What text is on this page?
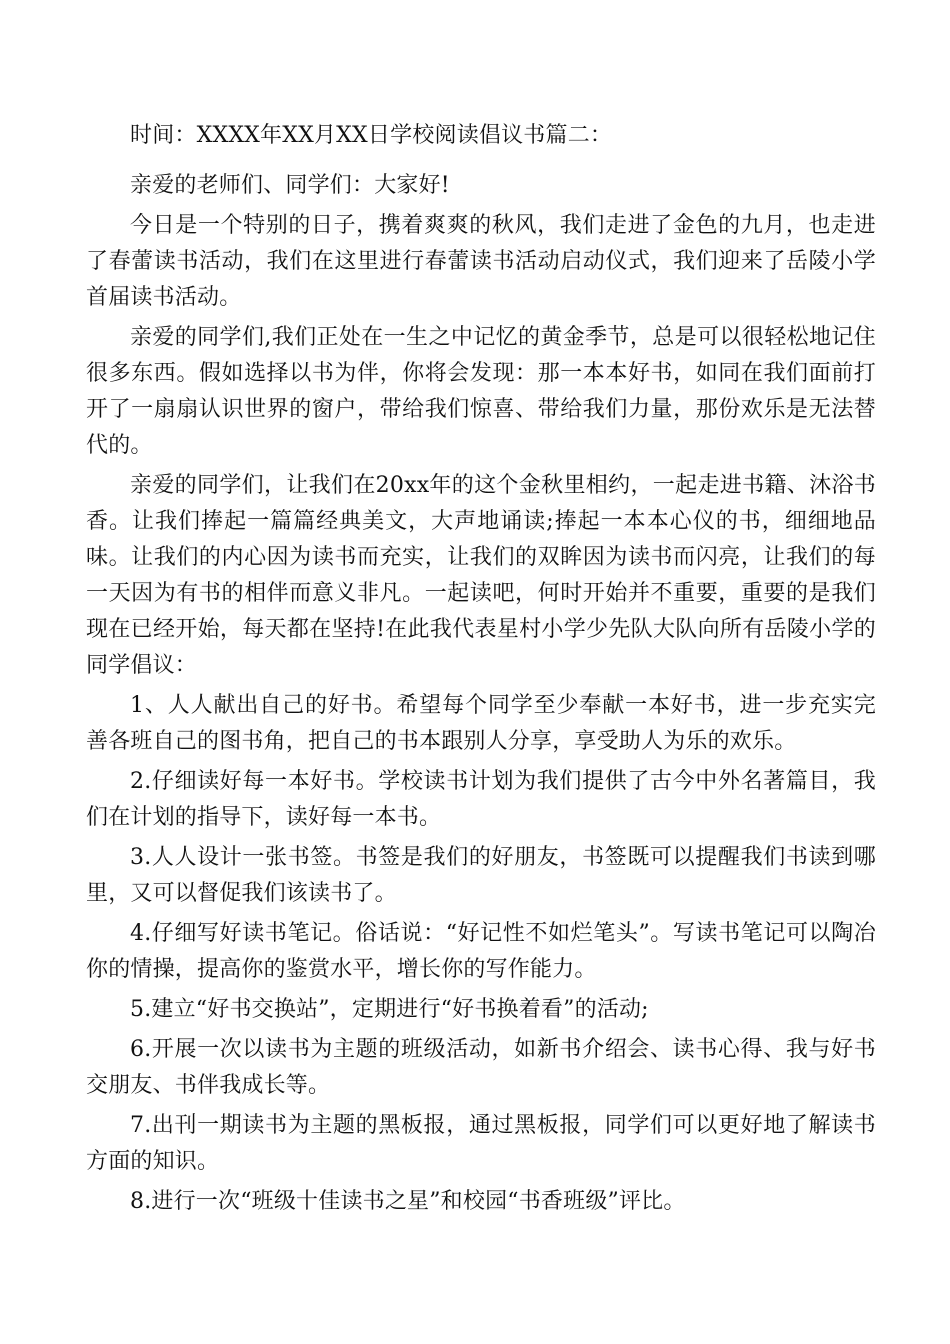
时间：XXXX年XX月XX日学校阅读倡议书篇二：

亲爱的老师们、同学们：大家好!

今日是一个特别的日子，携着爽爽的秋风，我们走进了金色的九月，也走进了春蕾读书活动，我们在这里进行春蕾读书活动启动仪式，我们迎来了岳陵小学首届读书活动。

亲爱的同学们,我们正处在一生之中记忆的黄金季节，总是可以很轻松地记住很多东西。假如选择以书为伴，你将会发现：那一本本好书，如同在我们面前打开了一扇扇认识世界的窗户，带给我们惊喜、带给我们力量，那份欢乐是无法替代的。

亲爱的同学们，让我们在20xx年的这个金秋里相约，一起走进书籍、沐浴书香。让我们捧起一篇篇经典美文，大声地诵读;捧起一本本心仪的书，细细地品味。让我们的内心因为读书而充实，让我们的双眸因为读书而闪亮，让我们的每一天因为有书的相伴而意义非凡。一起读吧，何时开始并不重要，重要的是我们现在已经开始，每天都在坚持!在此我代表星村小学少先队大队向所有岳陵小学的同学倡议：

1、人人献出自己的好书。希望每个同学至少奉献一本好书，进一步充实完善各班自己的图书角，把自己的书本跟别人分享，享受助人为乐的欢乐。

2.仔细读好每一本好书。学校读书计划为我们提供了古今中外名著篇目，我们在计划的指导下，读好每一本书。

3.人人设计一张书签。书签是我们的好朋友，书签既可以提醒我们书读到哪里，又可以督促我们该读书了。

4.仔细写好读书笔记。俗话说：“好记性不如烂笔头”。写读书笔记可以陶冶你的情操，提高你的鉴赏水平，增长你的写作能力。

5.建立“好书交换站”，定期进行“好书换着看”的活动;

6.开展一次以读书为主题的班级活动，如新书介绍会、读书心得、我与好书交朋友、书伴我成长等。

7.出刊一期读书为主题的黑板报，通过黑板报，同学们可以更好地了解读书方面的知识。

8.进行一次“班级十佳读书之星”和校园“书香班级”评比。
